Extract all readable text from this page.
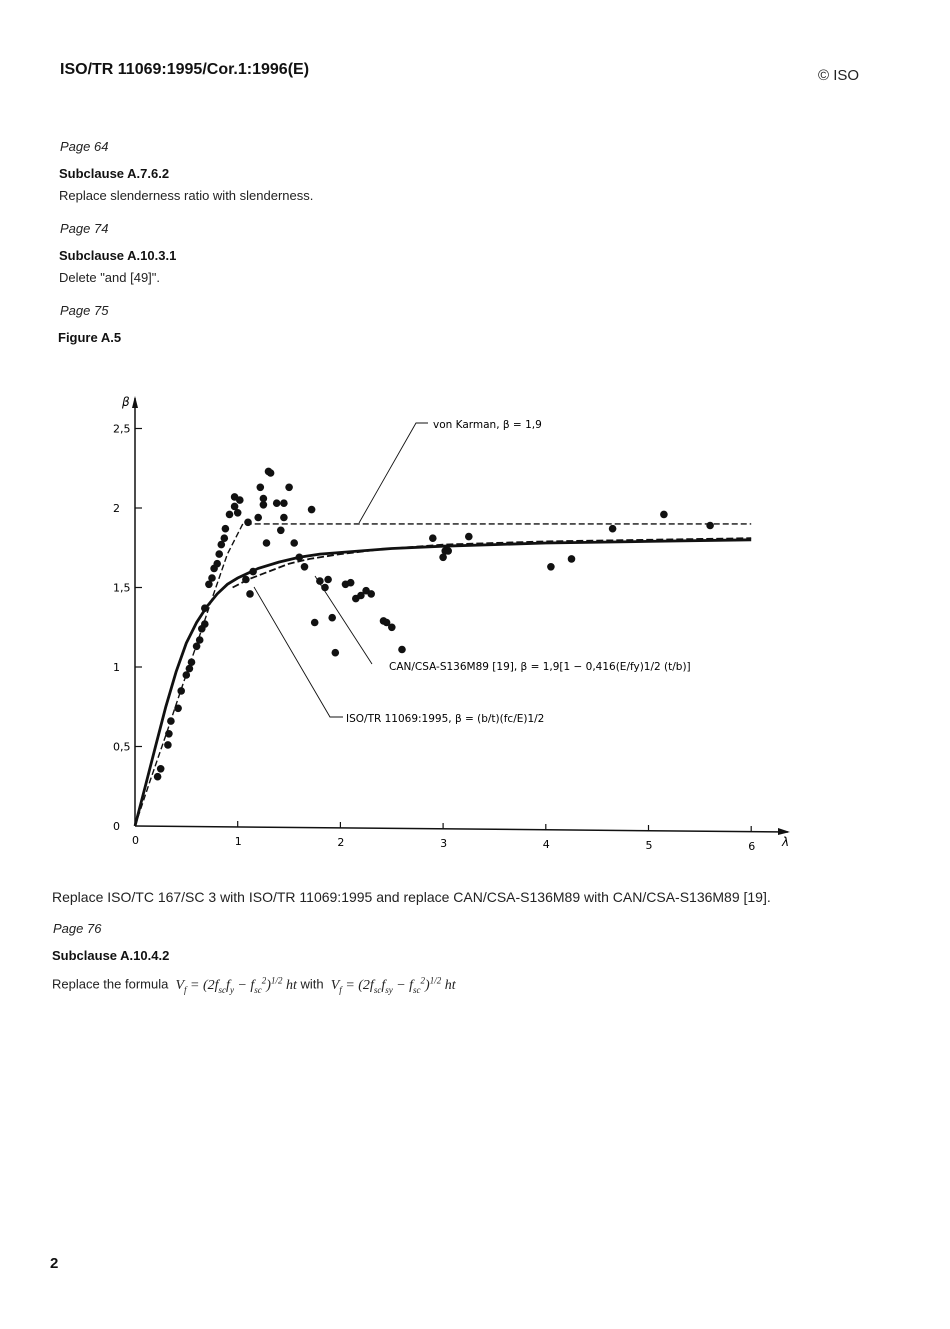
ISO/TR 11069:1995/Cor.1:1996(E)	© ISO
Page 64
Subclause A.7.6.2
Replace slenderness ratio with slenderness.
Page 74
Subclause A.10.3.1
Delete "and [49]".
Page 75
Figure A.5
0
0,5
1
1,5
2
2,5
0	1	2	3	4	5	6
β
λ
von Karman, β = 1,9
CAN/CSA-S136M89 [19], β = 1,9[1 − 0,416(E/fy)1/2 (t/b)]
ISO/TR 11069:1995, β = (b/t)(fc/E)1/2
Replace ISO/TC 167/SC 3 with ISO/TR 11069:1995 and replace CAN/CSA-S136M89 with CAN/CSA-S136M89 [19].
Page 76
Subclause A.10.4.2
Replace the formula  $V_f = (2f_{sc}f_y - f_{sc}^2)^{1/2}$ ht with  $V_f = (2f_{sc}f_{sy} - f_{sc}^2)^{1/2}$ ht
2
